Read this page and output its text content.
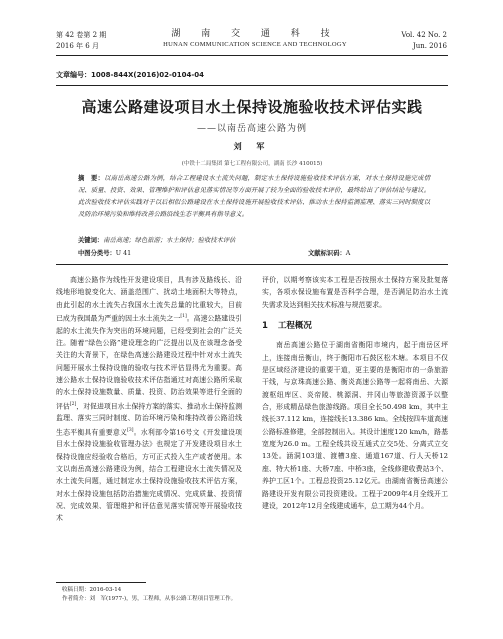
第 42 卷第 2 期
2016 年 6 月
湖 南 交 通 科 技
HUNAN COMMUNICATION SCIENCE AND TECHNOLOGY
Vol. 42 No. 2
Jun. 2016
文章编号：1008-844X(2016)02-0104-04
高速公路建设项目水土保持设施验收技术评估实践
——以南岳高速公路为例
刘 军
(中铁十二局集团 第七工程有限公司，湖南 长沙 410015)
摘　要：以南岳高速公路为例，结合工程建设水土流失问题，制定水土保持设施验收技术评估方案，对水土保持设施完成情况、质量、投资、效果、管理维护和评估意见落实情况等方面开展了较为全面的验收技术评价，最终给出了评估结论与建议。此次验收技术评估实践对于以后相似公路建设在水土保持设施开展验收技术评估、推动水土保持监测监理、落实三同时制度以及防治环境污染和维持改善公路沿线生态平衡具有指导意义。
关键词：南岳高速；绿色旅游；水土保持；验收技术评估
中图分类号：U 41	文献标识码：A

高速公路作为线性开发建设项目，具有涉及路线长、沿线地形地貌变化大、涵盖范围广、扰动土地面积大等特点，由此引起的水土流失占我国水土流失总量的比重较大，目前已成为我国最为严重的因土水土流失之一[1]。高速公路建设引起的水土流失作为突出的环境问题，已经受到社会的广泛关注。随着“绿色公路”建设理念的广泛提出以及在该理念备受关注的大背景下，在绿色高速公路建设过程中针对水土流失问题开展水土保持设施的验收与技术评估显得尤为重要。高速公路水土保持设施验收技术评估指通过对高速公路所采取的水土保持设施数量、质量、投资、防治效果等进行全面的评估[2]，对促进项目水土保持方案的落实、推动水土保持监测监理、落实三同时制度、防治环境污染和维持改善公路沿线生态平衡具有重要意义[3]。水利部令第16号文《开发建设项目水土保持设施验收管理办法》也规定了开发建设项目水土保持设施应经验收合格后，方可正式投入生产或者使用。本文以南岳高速公路建设为例，结合工程建设水土流失情况及水土流失问题，通过制定水土保持设施验收技术评估方案，对水土保持设施包括防治措施完成情况、完成质量、投资情况、完成效果、管理维护和评估意见落实情况等开展验收技术

评价，以期考察该实本工程是否按照水土保持方案及批复落实，各项水保设施布置是否科学合理，是否满足防治水土流失需求及达到相关技术标准与规范要求。

1 工程概况

南岳高速公路位于湖南省衡阳市境内，起于南岳区坪上，连接南岳衡山，终于衡阳市石鼓区松木塘。本项目不仅是区域经济建设的重要干道，更主要的是衡阳市的一条旅游干线，与京珠高速公路、衡炎高速公路等一起将南岳、大源渡枢纽库区、炎帝陵、桃源洞、井冈山等旅游资源予以整合，形成精品绿色旅游线路。项目全长50.498 km，其中主线长37.112 km，连接线长13.386 km。全线按四车道高速公路标准修建，全部控制出入。其设计速度120 km/h，路基宽度为26.0 m。工程全线共设互通式立交5处、分离式立交13处。涵洞103道、渡槽3座、通道167道、行人天桥12座、特大桥1座、大桥7座、中桥3座，全线修建收费站3个、养护工区1个。工程总投资25.12亿元。由湖南省衡岳高速公路建设开发有限公司投资建设。工程于2009年4月全线开工建设，2012年12月全线建成通车，总工期为44个月。

收稿日期：2016-03-14
作者简介：刘　军(1977-)，男，工程师，从事公路工程项目管理工作。
